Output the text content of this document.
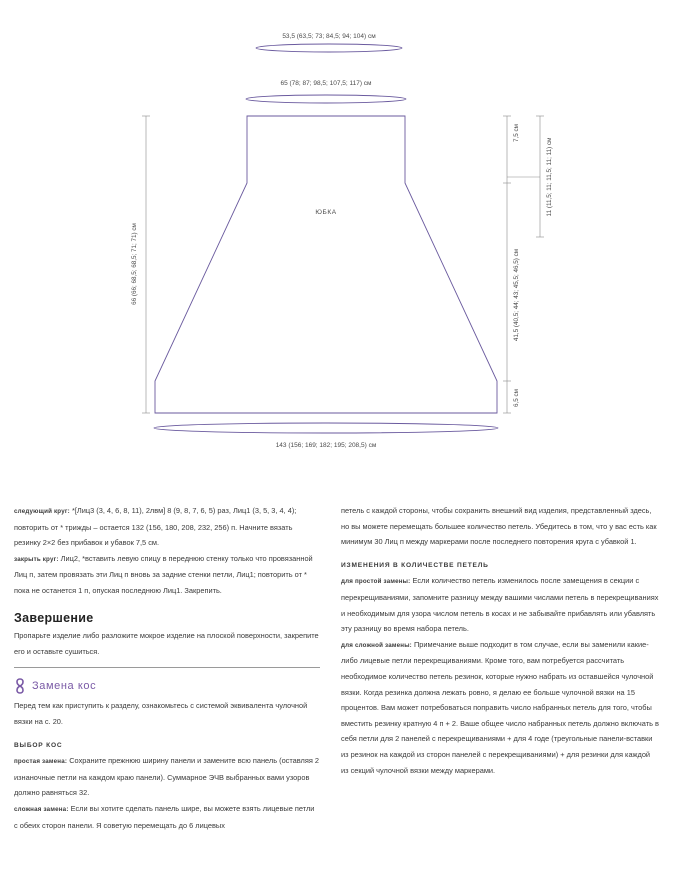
53,5 (63,5; 73; 84,5; 94; 104) см
65 (78; 87; 98,5; 107,5; 117) см
ЮБКА
66 (66; 68,5; 68,5; 71; 71) см
7,5 см
41,5 (40,5; 44; 43; 45,5; 46,5) см
6,5 см
11 (11,5; 11; 11,5; 11; 11) см
143 (156; 169; 182; 195; 208,5) см

следующий круг: *[Лиц3 (3, 4, 6, 8, 11), 2лвм] 8 (9, 8, 7, 6, 5) раз, Лиц1 (3, 5, 3, 4, 4); повторить от * трижды – остается 132 (156, 180, 208, 232, 256) п. Начните вязать резинку 2×2 без прибавок и убавок 7,5 см.

закрыть круг: Лиц2, *вставить левую спицу в переднюю стенку только что провязанной Лиц п, затем провязать эти Лиц п вновь за задние стенки петли, Лиц1; повторить от * пока не останется 1 п, опуская последнюю Лиц1. Закрепить.

Завершение

Пропарьте изделие либо разложите мокрое изделие на плоской поверхности, закрепите его и оставьте сушиться.

Замена кос

Перед тем как приступить к разделу, ознакомьтесь с системой эквивалента чулочной вязки на с. 20.

ВЫБОР КОС

простая замена: Сохраните прежнюю ширину панели и замените всю панель (оставляя 2 изнаночные петли на каждом краю панели). Суммарное ЭЧВ выбранных вами узоров должно равняться 32.

сложная замена: Если вы хотите сделать панель шире, вы можете взять лицевые петли с обеих сторон панели. Я советую перемещать до 6 лицевых

петель с каждой стороны, чтобы сохранить внешний вид изделия, представленный здесь, но вы можете перемещать большее количество петель. Убедитесь в том, что у вас есть как минимум 30 Лиц п между маркерами после последнего повторения круга с убавкой 1.

ИЗМЕНЕНИЯ В КОЛИЧЕСТВЕ ПЕТЕЛЬ

для простой замены: Если количество петель изменилось после замещения в секции с перекрещиваниями, запомните разницу между вашими числами петель в перекрещиваниях и необходимым для узора числом петель в косах и не забывайте прибавлять или убавлять эту разницу во время набора петель.

для сложной замены: Примечание выше подходит в том случае, если вы заменили какие-либо лицевые петли перекрещиваниями. Кроме того, вам потребуется рассчитать необходимое количество петель резинок, которые нужно набрать из оставшейся чулочной вязки. Когда резинка должна лежать ровно, я делаю ее больше чулочной вязки на 15 процентов. Вам может потребоваться поправить число набранных петель для того, чтобы вместить резинку кратную 4 п + 2. Ваше общее число набранных петель должно включать в себя петли для 2 панелей с перекрещиваниями + для 4 годе (треугольные панели-вставки из резинок на каждой из сторон панелей с перекрещиваниями) + для резинки для каждой из секций чулочной вязки между маркерами.
